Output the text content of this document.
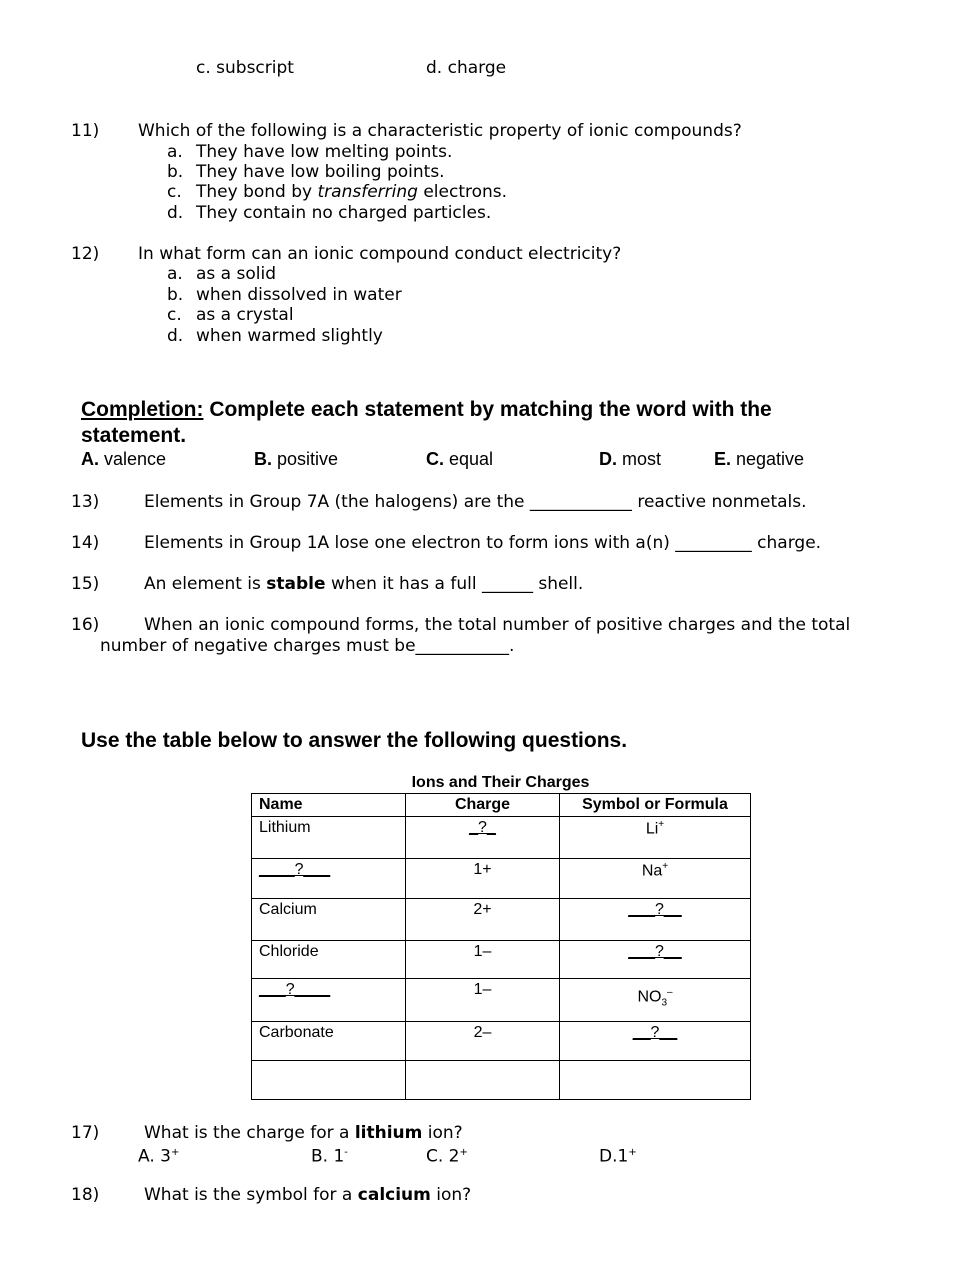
c. subscript	d. charge
11) Which of the following is a characteristic property of ionic compounds?
a. They have low melting points.
b. They have low boiling points.
c. They bond by transferring electrons.
d. They contain no charged particles.
12) In what form can an ionic compound conduct electricity?
a. as a solid
b. when dissolved in water
c. as a crystal
d. when warmed slightly
Completion: Complete each statement by matching the word with the
statement.
A. valence	B. positive	C. equal	D. most	E. negative
13)	Elements in Group 7A (the halogens) are the ____________ reactive nonmetals.
14)	Elements in Group 1A lose one electron to form ions with a(n) _________ charge.
15)	An element is stable when it has a full ______ shell.
16)	When an ionic compound forms, the total number of positive charges and the total
number of negative charges must be___________.
Use the table below to answer the following questions.
Ions and Their Charges
Name	Charge	Symbol or Formula
Lithium	_?_	Li+
____?___	1+	Na+
Calcium	2+	___?__
Chloride	1–	___?__
___?____	1–	$NO_3^-$
Carbonate	2–	__?__

17)	What is the charge for a lithium ion?
A. 3+	B. 1-	C. 2+	D.1+
18)	What is the symbol for a calcium ion?
